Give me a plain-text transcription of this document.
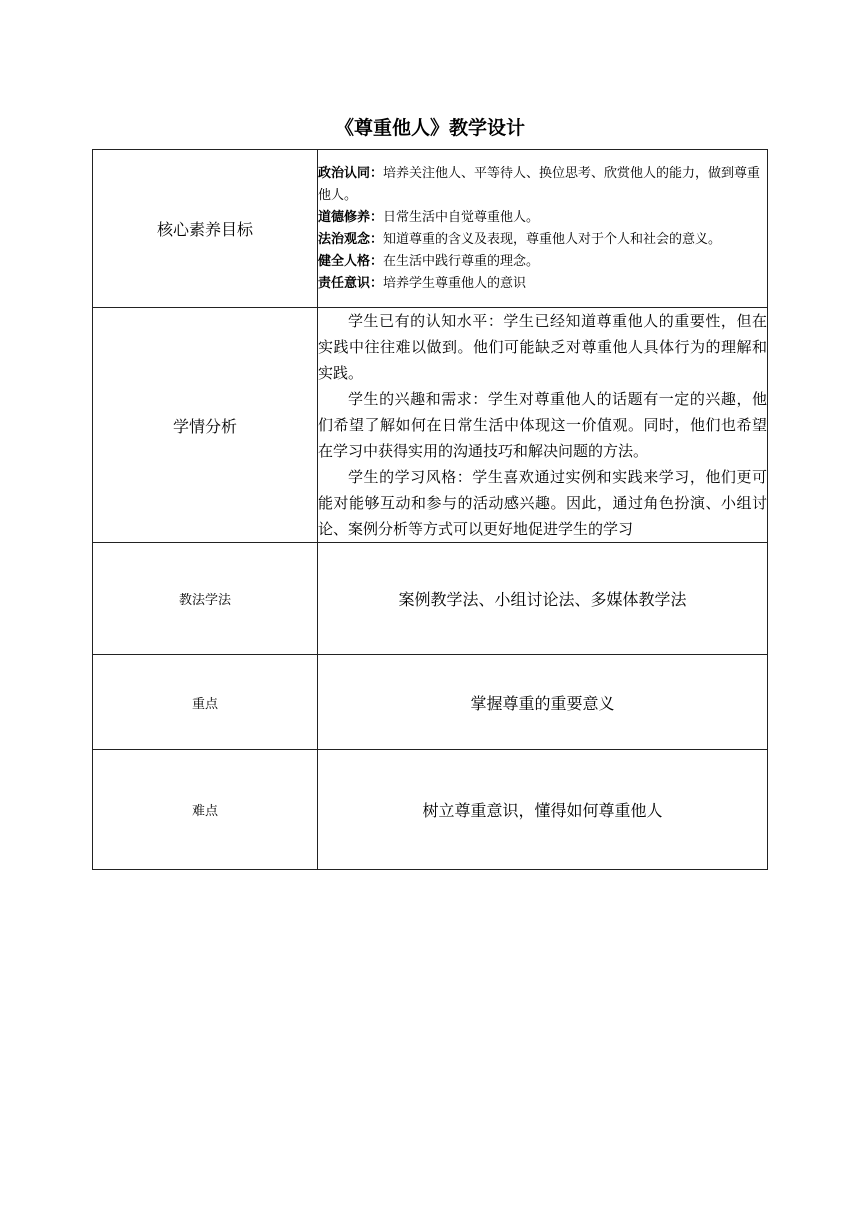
《尊重他人》教学设计
核心素养目标	政治认同：培养关注他人、平等待人、换位思考、欣赏他人的能力，做到尊重他人。
道德修养：日常生活中自觉尊重他人。
法治观念：知道尊重的含义及表现，尊重他人对于个人和社会的意义。
健全人格：在生活中践行尊重的理念。
责任意识：培养学生尊重他人的意识

学情分析	学生已有的认知水平：学生已经知道尊重他人的重要性，但在实践中往往难以做到。他们可能缺乏对尊重他人具体行为的理解和实践。

学生的兴趣和需求：学生对尊重他人的话题有一定的兴趣，他们希望了解如何在日常生活中体现这一价值观。同时，他们也希望在学习中获得实用的沟通技巧和解决问题的方法。

学生的学习风格：学生喜欢通过实例和实践来学习，他们更可能对能够互动和参与的活动感兴趣。因此，通过角色扮演、小组讨论、案例分析等方式可以更好地促进学生的学习

教法学法	案例教学法、小组讨论法、多媒体教学法
重点	掌握尊重的重要意义
难点	树立尊重意识，懂得如何尊重他人
